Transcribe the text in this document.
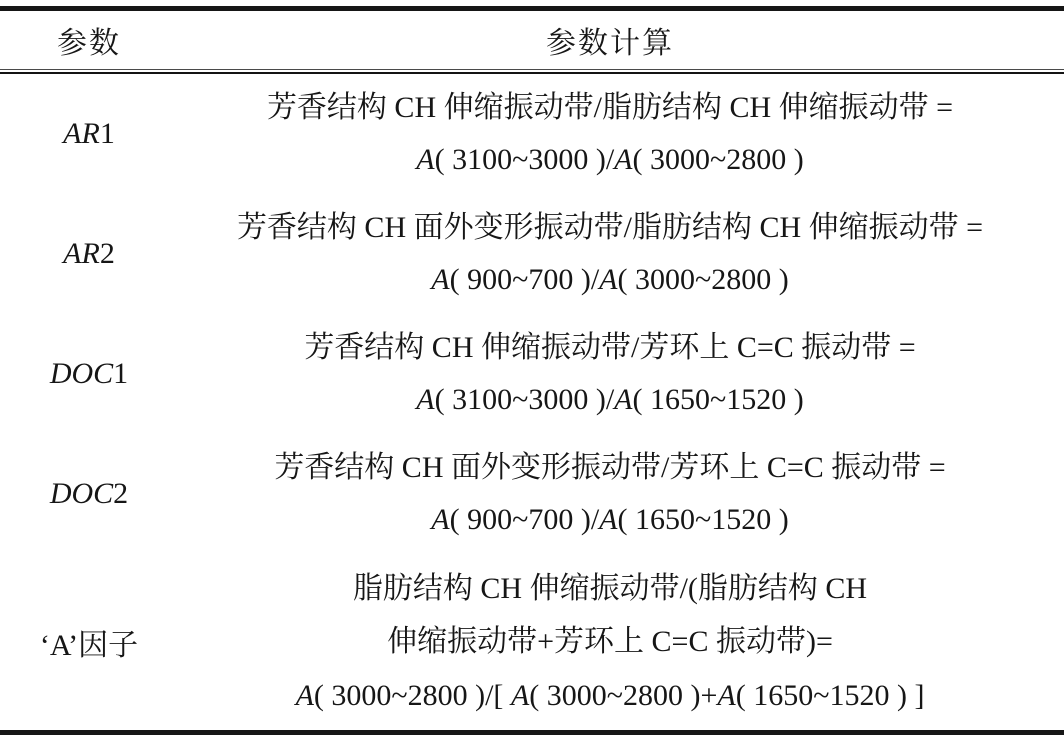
参数	参数计算
AR 1
芳香结构 CH 伸缩振动带/脂肪结构 CH 伸缩振动带 =
A( 3100~3000 )/A( 3000~2800 )
AR 2
芳香结构 CH 面外变形振动带/脂肪结构 CH 伸缩振动带 =
A( 900~700 )/A( 3000~2800 )
DOC 1
芳香结构 CH 伸缩振动带/芳环上 C=C 振动带 =
A( 3100~3000 )/A( 1650~1520 )
DOC 2
芳香结构 CH 面外变形振动带/芳环上 C=C 振动带 =
A( 900~700 )/A( 1650~1520 )
‘A’因子
脂肪结构 CH 伸缩振动带/(脂肪结构 CH
伸缩振动带+芳环上 C=C 振动带)=
A( 3000~2800 )/[ A( 3000~2800 )+A( 1650~1520 ) ]
